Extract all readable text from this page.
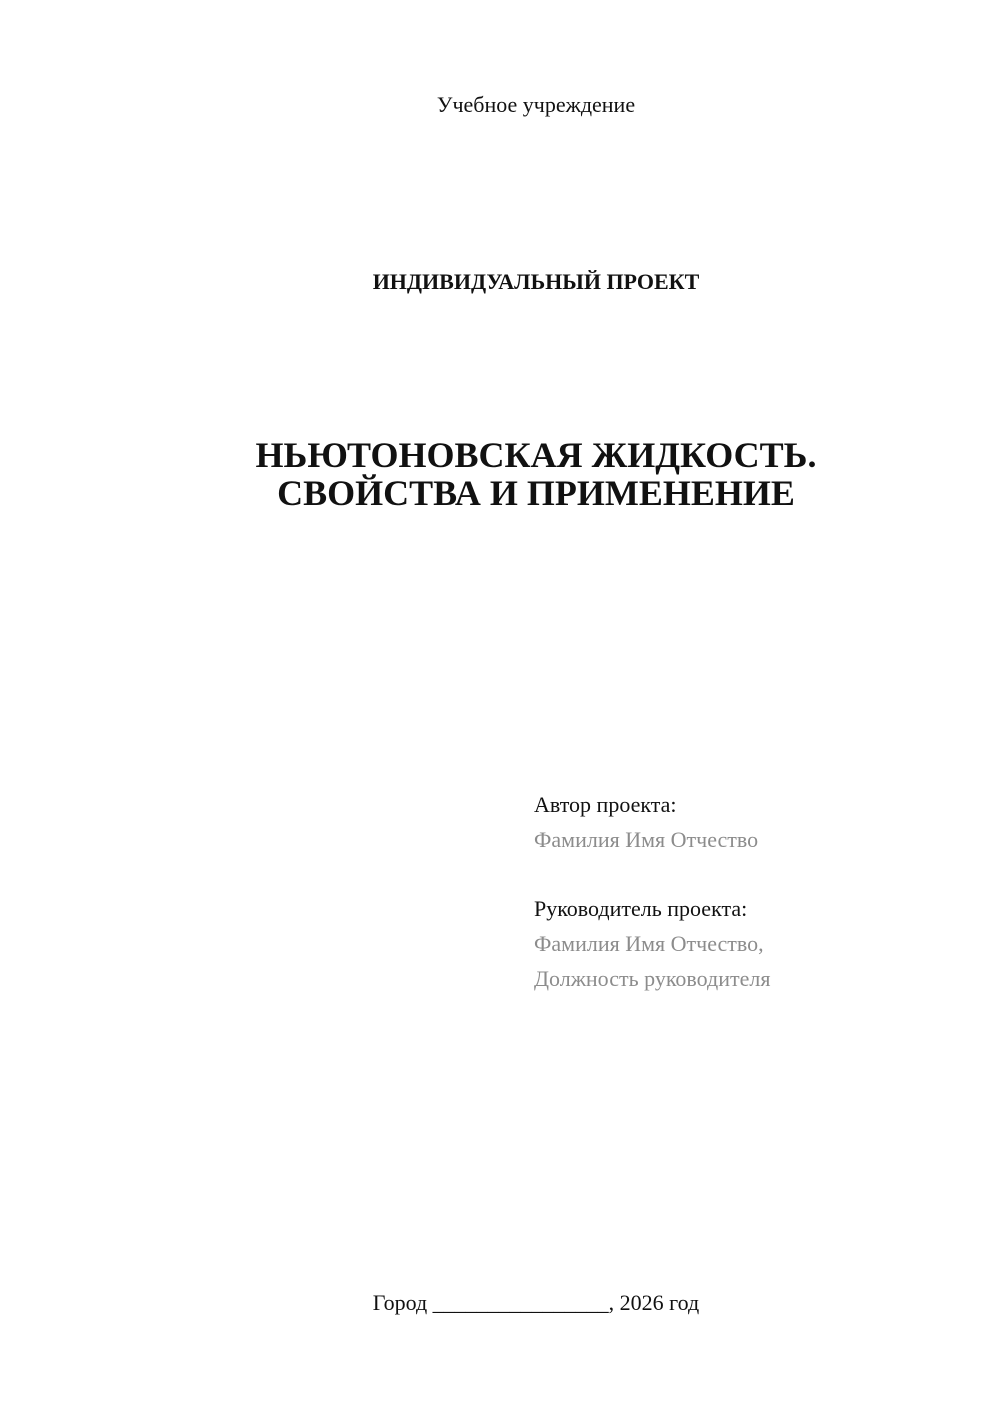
Учебное учреждение
ИНДИВИДУАЛЬНЫЙ ПРОЕКТ
НЬЮТОНОВСКАЯ ЖИДКОСТЬ.
СВОЙСТВА И ПРИМЕНЕНИЕ
Автор проекта:
Фамилия Имя Отчество
Руководитель проекта:
Фамилия Имя Отчество,
Должность руководителя
Город ________________, 2026 год
